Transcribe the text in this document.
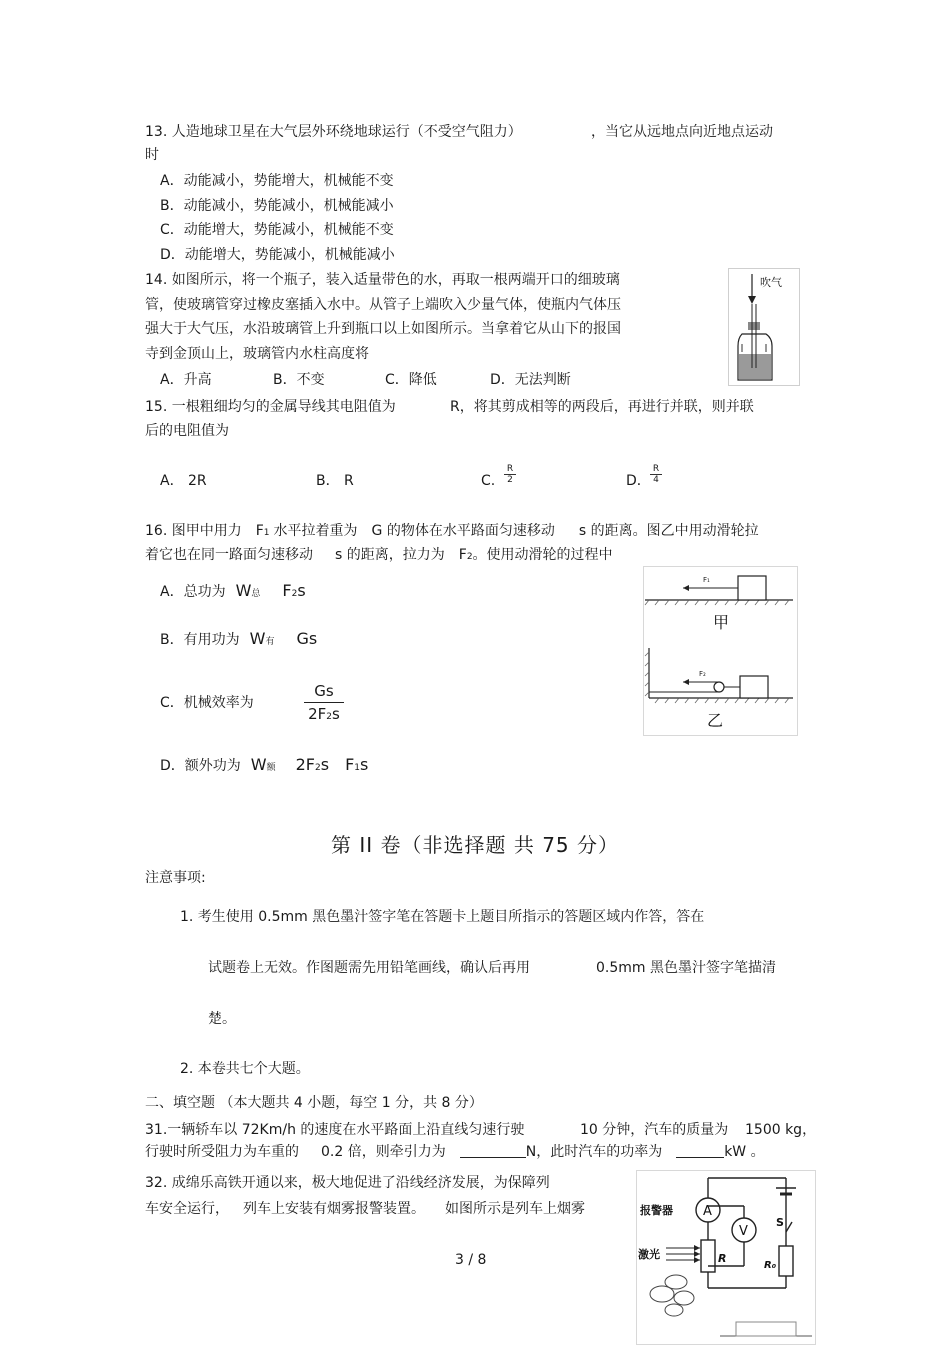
13. 人造地球卫星在大气层外环绕地球运行（不受空气阻力）	，当它从远地点向近地点运动
时
A．动能减小，势能增大，机械能不变
B．动能减小，势能减小，机械能减小
C．动能增大，势能减小，机械能不变
D．动能增大，势能减小，机械能减小
14. 如图所示，将一个瓶子，装入适量带色的水，再取一根两端开口的细玻璃
管，使玻璃管穿过橡皮塞插入水中。从管子上端吹入少量气体，使瓶内气体压
强大于大气压，水沿玻璃管上升到瓶口以上如图所示。当拿着它从山下的报国
寺到金顶山上，玻璃管内水柱高度将
A．升高	B．不变	C．降低	D．无法判断
吹气
15. 一根粗细均匀的金属导线其电阻值为	R，将其剪成相等的两段后，再进行并联，则并联
后的电阻值为
A． 2R	B． R	C. $\frac{R}{2}$	D． $\frac{R}{4}$
16. 图甲中用力 F1 水平拉着重为 G 的物体在水平路面匀速移动 s 的距离。图乙中用动滑轮拉
着它也在同一路面匀速移动 s 的距离，拉力为 F2。使用动滑轮的过程中
A．总功为 W总 F2s
B．有用功为 W有 Gs
C．机械效率为	$\frac{Gs}{2F2s}$
D．额外功为 W额 2F2s F1s
F₁
甲
F₂
乙
第 II 卷（非选择题 共 75 分）
注意事项:
1. 考生使用 0.5mm 黑色墨汁签字笔在答题卡上题目所指示的答题区域内作答，答在
试题卷上无效。作图题需先用铅笔画线，确认后再用	0.5mm 黑色墨汁签字笔描清
楚。
2. 本卷共七个大题。
二、填空题 （本大题共 4 小题，每空 1 分，共 8 分）
31.一辆轿车以 72Km/h 的速度在水平路面上沿直线匀速行驶	10 分钟，汽车的质量为 1500 kg，
行驶时所受阻力为车重的 0.2 倍，则牵引力为	N，此时汽车的功率为	kW 。
32. 成绵乐高铁开通以来，极大地促进了沿线经济发展，为保障列
车安全运行， 列车上安装有烟雾报警装置。 如图所示是列车上烟雾	报警器 A
R
V
S
R₀
激光
3 / 8
